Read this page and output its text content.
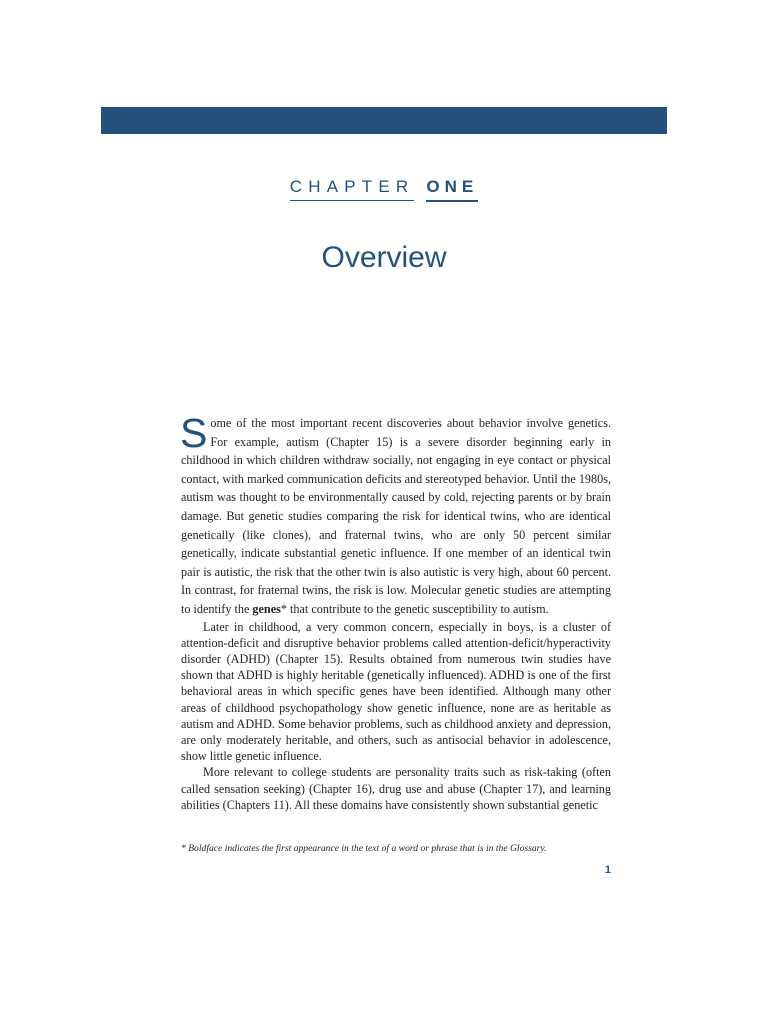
CHAPTER ONE
Overview

Some of the most important recent discoveries about behavior involve genetics. For example, autism (Chapter 15) is a severe disorder beginning early in childhood in which children withdraw socially, not engaging in eye contact or physical contact, with marked communication deficits and stereotyped behavior. Until the 1980s, autism was thought to be environmentally caused by cold, rejecting parents or by brain damage. But genetic studies comparing the risk for identical twins, who are identical genetically (like clones), and fraternal twins, who are only 50 percent similar genetically, indicate substantial genetic influence. If one member of an identical twin pair is autistic, the risk that the other twin is also autistic is very high, about 60 percent. In contrast, for fraternal twins, the risk is low. Molecular genetic studies are attempting to identify the genes* that contribute to the genetic susceptibility to autism.

Later in childhood, a very common concern, especially in boys, is a cluster of attention-deficit and disruptive behavior problems called attention-deficit/hyperactivity disorder (ADHD) (Chapter 15). Results obtained from numerous twin studies have shown that ADHD is highly heritable (genetically influenced). ADHD is one of the first behavioral areas in which specific genes have been identified. Although many other areas of childhood psychopathology show genetic influence, none are as heritable as autism and ADHD. Some behavior problems, such as childhood anxiety and depression, are only moderately heritable, and others, such as antisocial behavior in adolescence, show little genetic influence.

More relevant to college students are personality traits such as risk-taking (often called sensation seeking) (Chapter 16), drug use and abuse (Chapter 17), and learning abilities (Chapters 11). All these domains have consistently shown substantial genetic

* Boldface indicates the first appearance in the text of a word or phrase that is in the Glossary.

1
